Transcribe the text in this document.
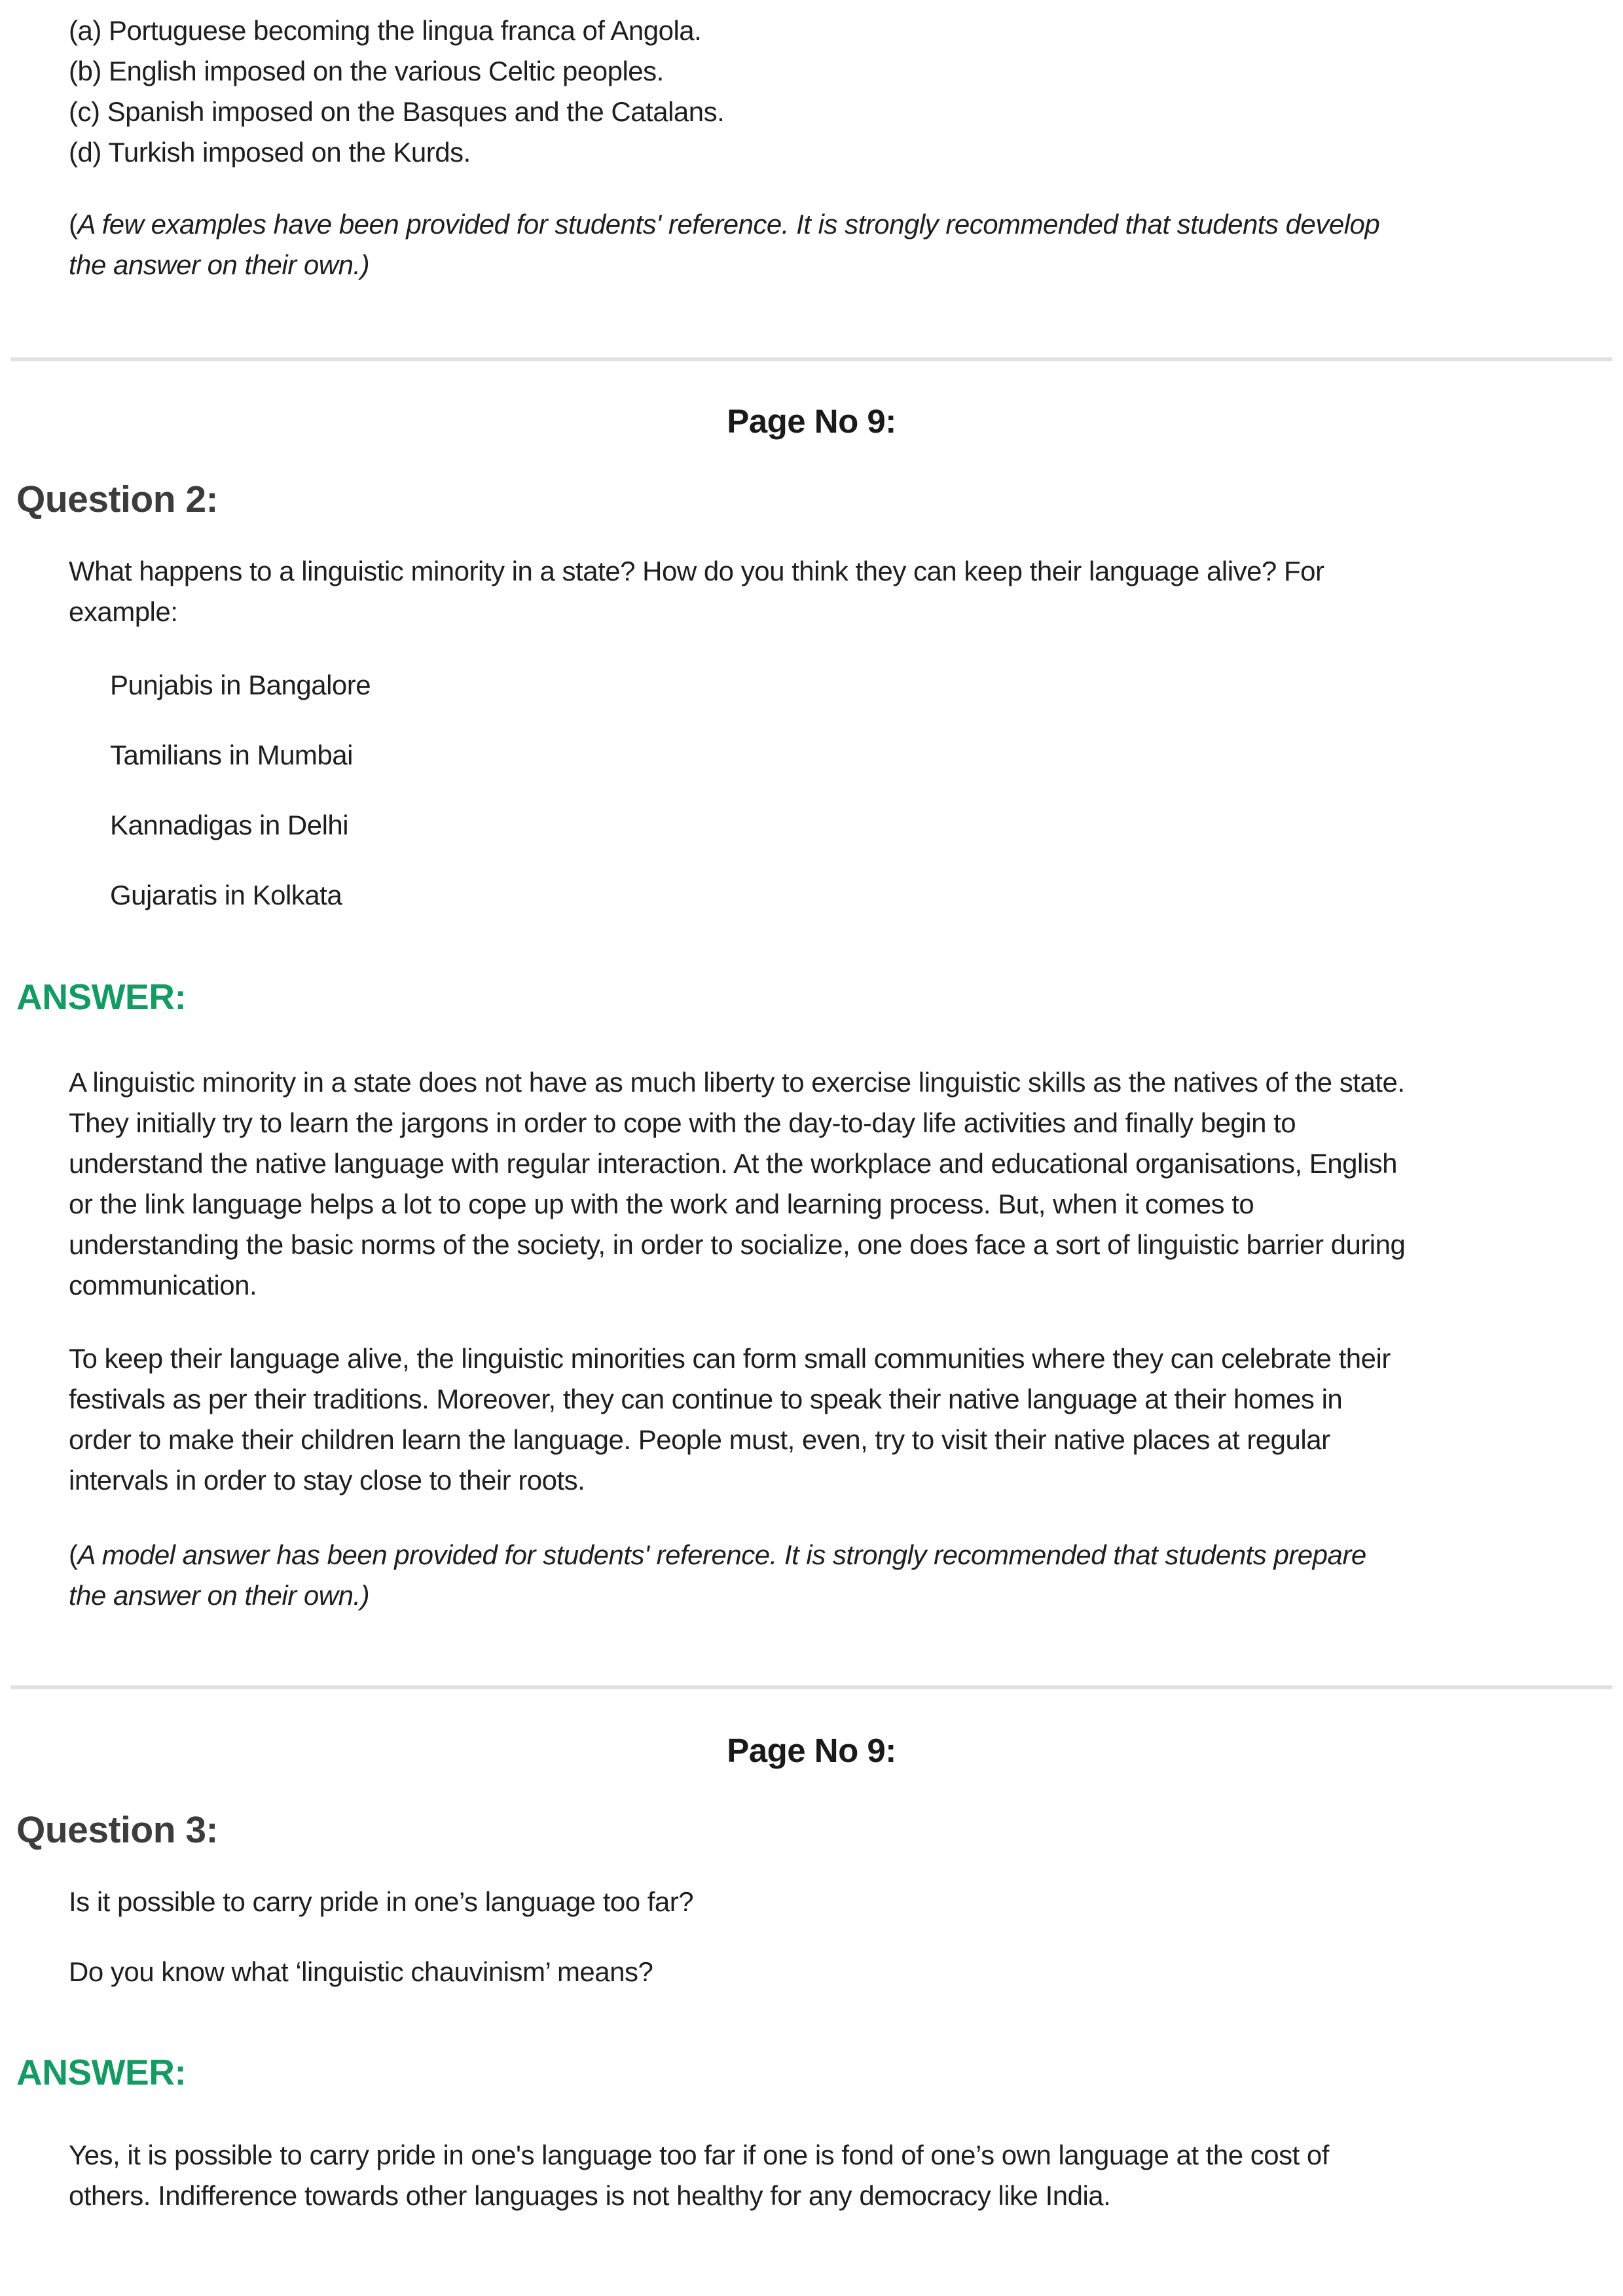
(a) Portuguese becoming the lingua franca of Angola.
(b) English imposed on the various Celtic peoples.
(c) Spanish imposed on the Basques and the Catalans.
(d) Turkish imposed on the Kurds.
(A few examples have been provided for students' reference. It is strongly recommended that students develop
the answer on their own.)
Page No 9:
Question 2:
What happens to a linguistic minority in a state? How do you think they can keep their language alive? For
example:
Punjabis in Bangalore
Tamilians in Mumbai
Kannadigas in Delhi
Gujaratis in Kolkata
ANSWER:
A linguistic minority in a state does not have as much liberty to exercise linguistic skills as the natives of the state.
They initially try to learn the jargons in order to cope with the day-to-day life activities and finally begin to
understand the native language with regular interaction. At the workplace and educational organisations, English
or the link language helps a lot to cope up with the work and learning process. But, when it comes to
understanding the basic norms of the society, in order to socialize, one does face a sort of linguistic barrier during
communication.
To keep their language alive, the linguistic minorities can form small communities where they can celebrate their
festivals as per their traditions. Moreover, they can continue to speak their native language at their homes in
order to make their children learn the language. People must, even, try to visit their native places at regular
intervals in order to stay close to their roots.
(A model answer has been provided for students' reference. It is strongly recommended that students prepare
the answer on their own.)
Page No 9:
Question 3:
Is it possible to carry pride in one’s language too far?
Do you know what ‘linguistic chauvinism’ means?
ANSWER:
Yes, it is possible to carry pride in one's language too far if one is fond of one’s own language at the cost of
others. Indifference towards other languages is not healthy for any democracy like India.
